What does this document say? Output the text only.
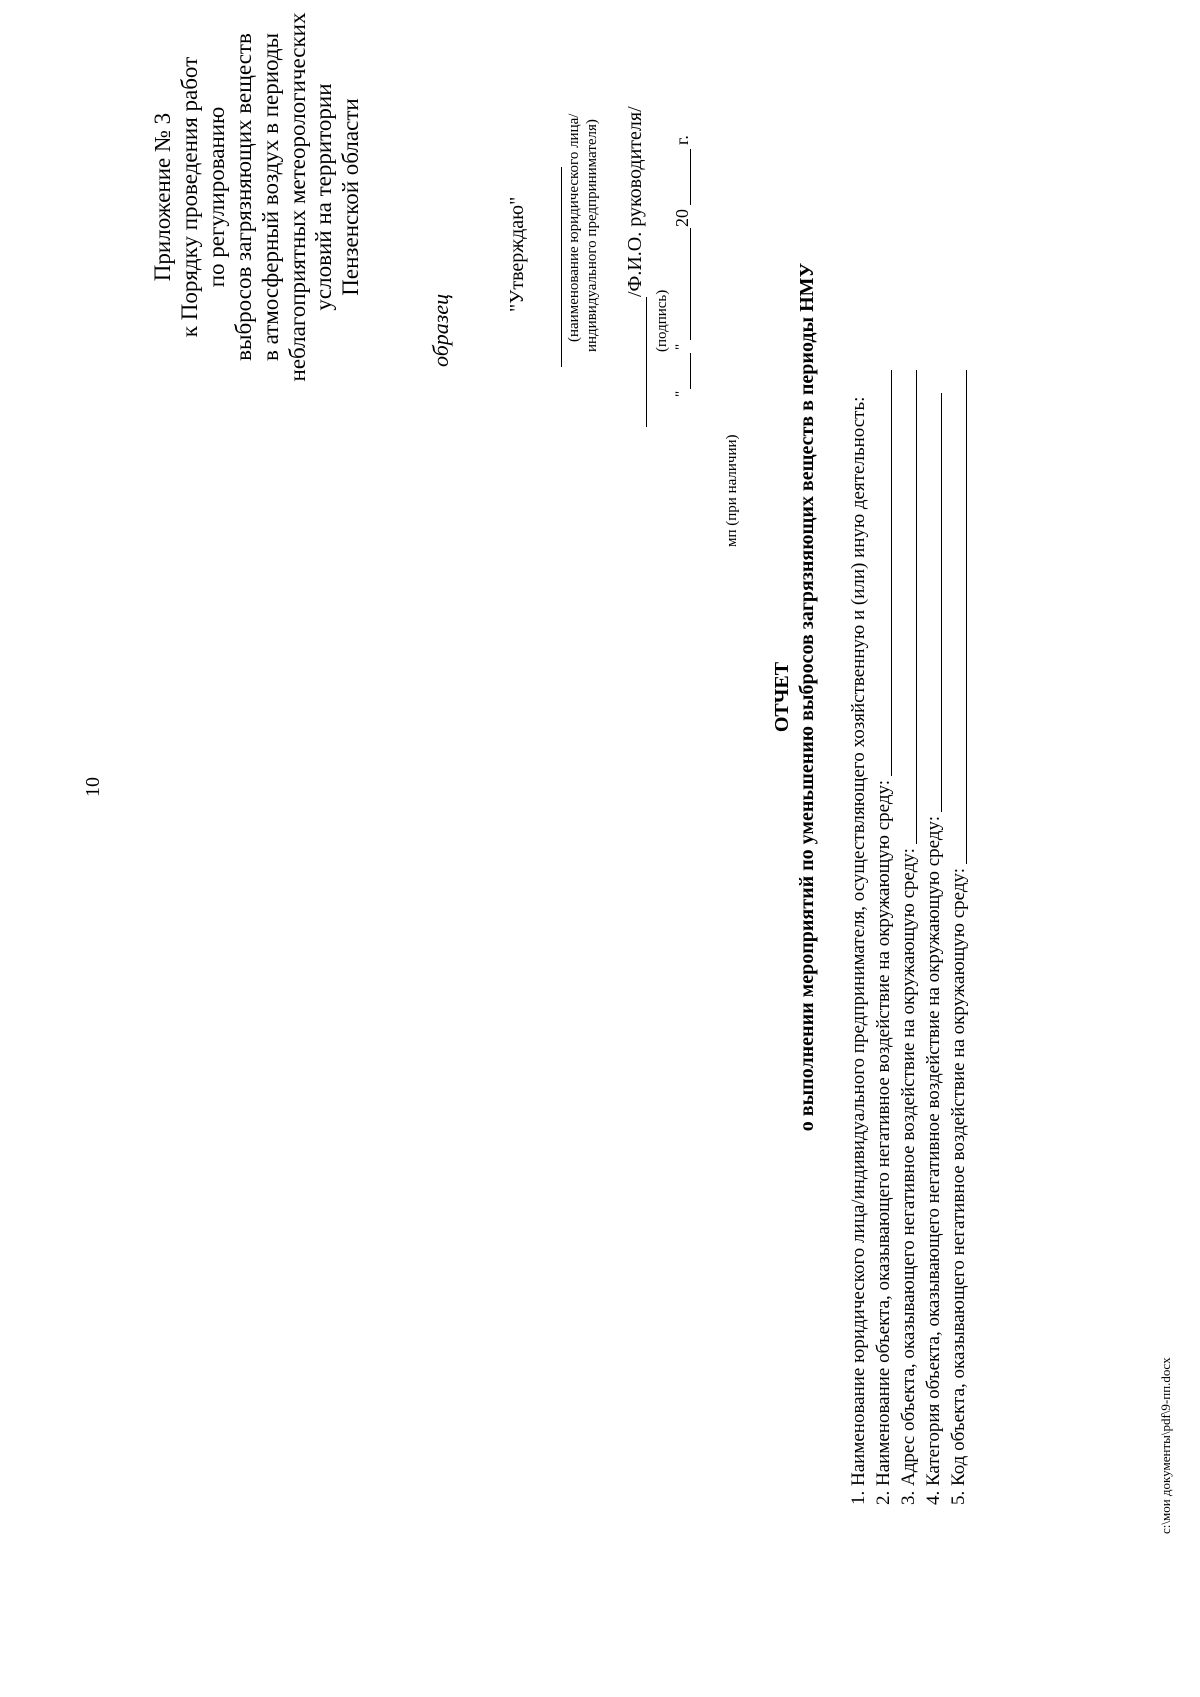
10
Приложение № 3 к Порядку проведения работ по регулированию выбросов загрязняющих веществ в атмосферный воздух в периоды неблагоприятных метеорологических условий на территории Пензенской области
образец
"Утверждаю"	(наименование юридического лица/ индивидуального предпринимателя) /Ф.И.О. руководителя/
(подпись)
"
"
20
г.
мп (при наличии)
ОТЧЕТ о выполнении мероприятий по уменьшению выбросов загрязняющих веществ в периоды НМУ 1. Наименование юридического лица/индивидуального предпринимателя, осуществляющего хозяйственную и (или) иную деятельность: 2. Наименование объекта, оказывающего негативное воздействие на окружающую среду: 3. Адрес объекта, оказывающего негативное воздействие на окружающую среду: 4. Категория объекта, оказывающего негативное воздействие на окружающую среду: 5. Код объекта, оказывающего негативное воздействие на окружающую среду:	c:\мои документы\pdf\9-пп.docx
